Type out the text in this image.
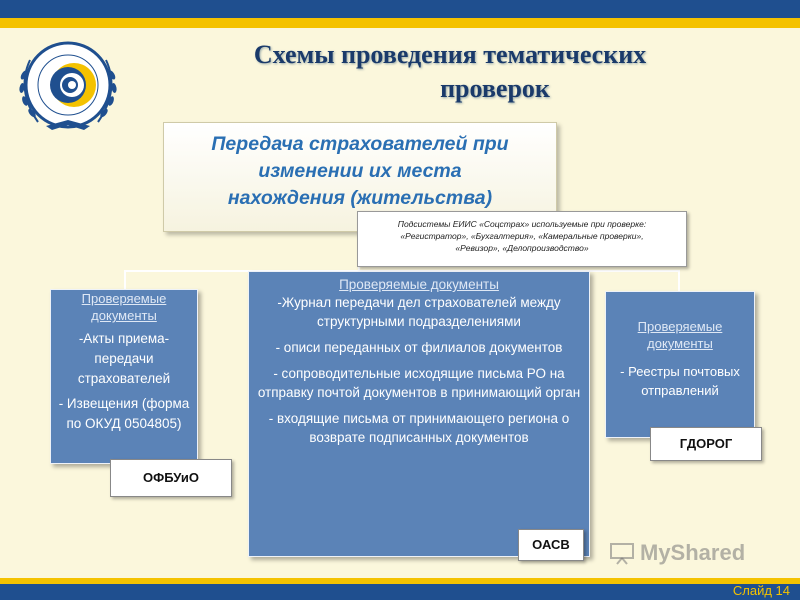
Схемы проведения тематических
проверок
Передача страхователей при
изменении их места
нахождения (жительства)
Проверяемые документы

-Акты приема-передачи страхователей

- Извещения (форма по ОКУД 0504805)

Проверяемые документы

-Журнал передачи дел страхователей между структурными подразделениями

- описи переданных от филиалов документов

- сопроводительные исходящие письма РО на отправку почтой документов в принимающий орган

- входящие письма от принимающего региона о возврате подписанных документов

Проверяемые документы

- Реестры почтовых отправлений

Подсистемы ЕИИС «Соцстрах» используемые при проверке:
«Регистратор», «Бухгалтерия», «Камеральные проверки»,
«Ревизор», «Делопроизводство»
ОФБУиО
ОАСВ
ГДОРОГ
MyShared
Слайд 14
